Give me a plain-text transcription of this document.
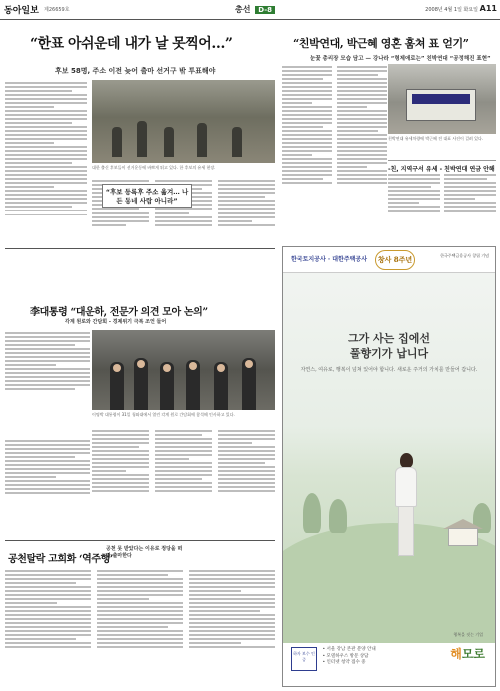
동아일보 제26659호	총선 D-8	2008년 4월 1일 화요일 A11
“한표 아쉬운데 내가 날 못찍어…”
후보 58명, 주소 이전 늦어 출마 선거구 밖 투표해야
대한 출신 후보들이 선거운동에 바쁘게 뛰고 있다. 한 후보의 유세 현장.
“후보 등록후 주소 옮겨… 나든 동네 사람 아니라”
“친박연대, 박근혜 영혼 훔쳐 표 얻기”
눈꽃 총리장 모습 담고 — 강나라 “형제애로는” 친박연대 “공정해진 표현”
친박연대 유세차량에 박근혜 전 대표 사진이 걸려 있다.
-친, 지역구서 유세 - 친박연대 연금 안해
李대통령 “대운하, 전문가 의견 모아 논의”
각계 원로와 간담회 - 경제위기 극복 조언 들어
이명박 대통령이 31일 청와대에서 열린 각계 원로 간담회에 참석해 인사하고 있다.
공천탈락 고희화 ‘역주행’
공천 못 받았다는 이유로 정당을 떠나 출마한다
한국토지공사 · 대한주택공사	창사 8주년	한국주택금융공사 창립 기념
그가 사는 집에선
풀향기가 납니다
자연스, 여유로, 행복이 넘쳐 있어야 합니다. 새로운 주거의 가치를 만들어 갑니다.
하자 보수 인증
• 서울 강남 본관 분양 안내
• 모델하우스 방문 상담
• 인터넷 청약 접수 중
행복을 짓는 기업
해모로
